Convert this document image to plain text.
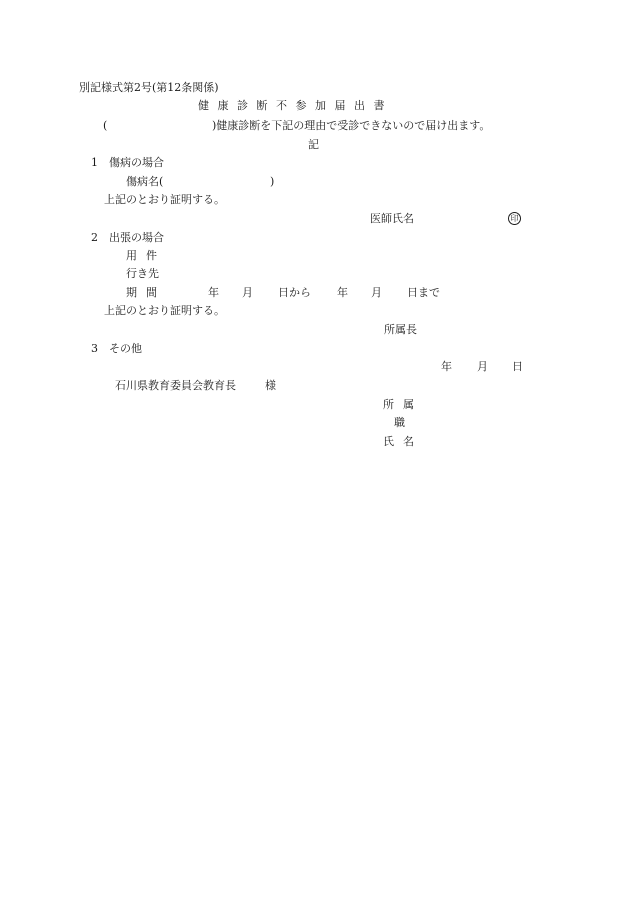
別記様式第2号(第12条関係)
健康診断不参加届出書
(	)健康診断を下記の理由で受診できないので届け出ます。
記
1　傷病の場合
傷病名(	)
上記のとおり証明する。
医師氏名	印
2　出張の場合
用件
行き先
期間	年 月 日から 年 月 日まで
上記のとおり証明する。
所属長
3　その他
年 月 日
石川県教育委員会教育長	様
所属
職
氏名
